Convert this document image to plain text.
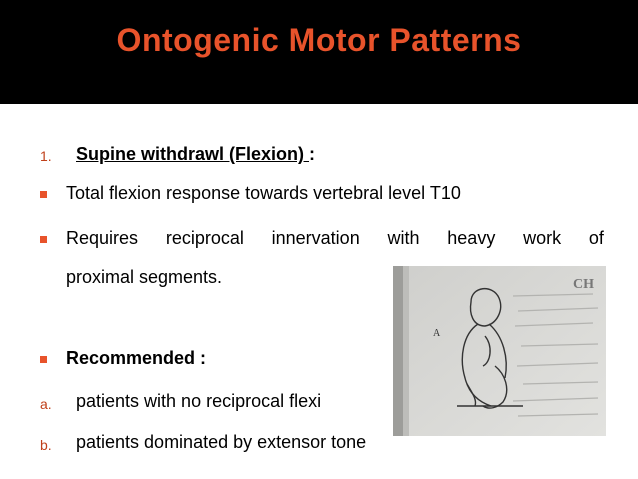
Ontogenic Motor Patterns
1. Supine withdrawl (Flexion) :
Total flexion response towards vertebral level T10
Requires reciprocal innervation with heavy work of
proximal segments.	CH
A
Recommended :
a. patients with no reciprocal flexi
b. patients dominated by extensor tone
